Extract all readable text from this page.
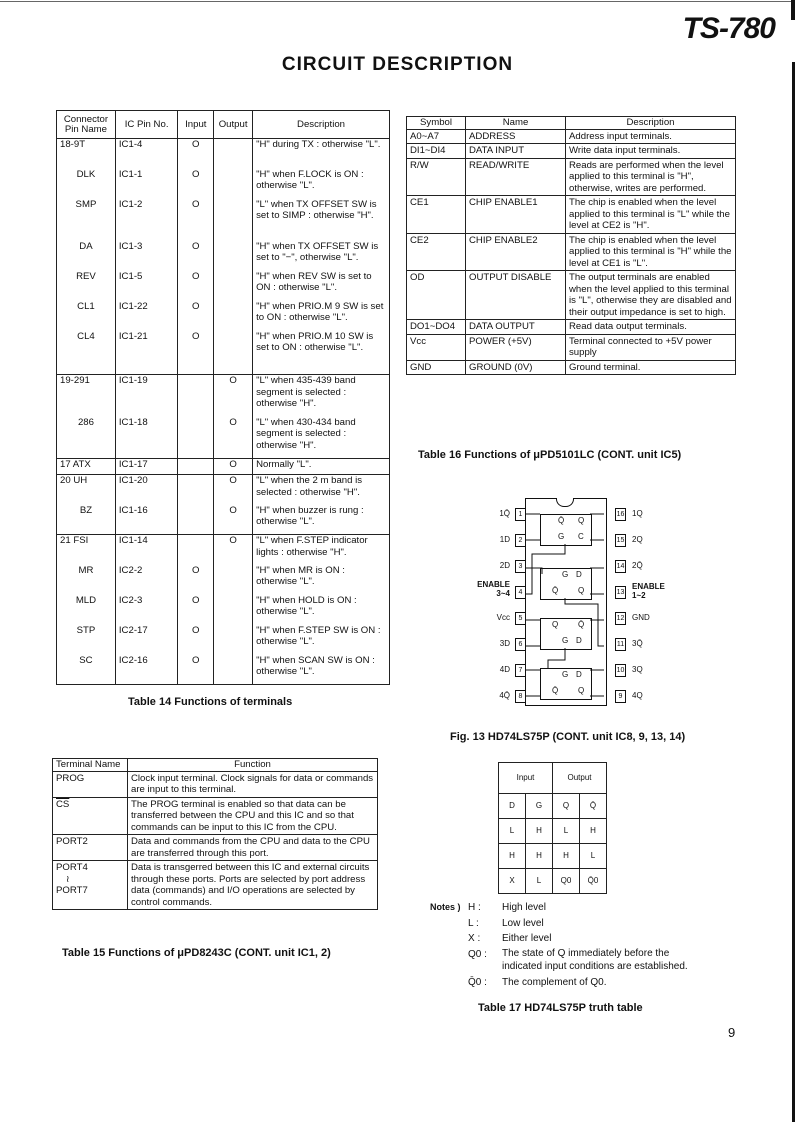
TS-780
CIRCUIT DESCRIPTION
Connector Pin Name	IC Pin No.	Input	Output	Description
18-9T	IC1-4	O		"H" during TX : otherwise "L".
DLK	IC1-1	O		"H" when F.LOCK is ON : otherwise "L".
SMP	IC1-2	O		"L" when TX OFFSET SW is set to SIMP : otherwise "H".
DA	IC1-3	O		"H" when TX OFFSET SW is set to "−", otherwise "L".
REV	IC1-5	O		"H" when REV SW is set to ON : otherwise "L".
CL1	IC1-22	O		"H" when PRIO.M 9 SW is set to ON : otherwise "L".
CL4	IC1-21	O		"H" when PRIO.M 10 SW is set to ON : otherwise "L".
19-291	IC1-19		O	"L" when 435-439 band segment is selected : otherwise "H".
286	IC1-18		O	"L" when 430-434 band segment is selected : otherwise "H".
17 ATX	IC1-17		O	Normally "L".
20 UH	IC1-20		O	"L" when the 2 m band is selected : otherwise "H".
BZ	IC1-16		O	"H" when buzzer is rung : otherwise "L".
21 FSI	IC1-14		O	"L" when F.STEP indicator lights : otherwise "H".
MR	IC2-2	O		"H" when MR is ON : otherwise "L".
MLD	IC2-3	O		"H" when HOLD is ON : otherwise "L".
STP	IC2-17	O		"H" when F.STEP SW is ON : otherwise "L".
SC	IC2-16	O		"H" when SCAN SW is ON : otherwise "L".
Table 14 Functions of terminals
Terminal Name	Function
PROG	Clock input terminal. Clock signals for data or commands are input to this terminal.
$\overline{CS}$	The PROG terminal is enabled so that data can be transferred between the CPU and this IC and so that commands can be input to this IC from the CPU.
PORT2	Data and commands from the CPU and data to the CPU are transferred through this port.

PORT4
≀
PORT7	Data is transgerred between this IC and external circuits through these ports. Ports are selected by port address data (commands) and I/O operations are selected by control commands.
Table 15 Functions of μPD8243C (CONT. unit IC1, 2)
Symbol	Name	Description
A0~A7	ADDRESS	Address input terminals.
DI1~DI4	DATA INPUT	Write data input terminals.
R/W	READ/WRITE	Reads are performed when the level applied to this terminal is "H", otherwise, writes are performed.
CE1	CHIP ENABLE1	The chip is enabled when the level applied to this terminal is "L" while the level at CE2 is "H".
CE2	CHIP ENABLE2	The chip is enabled when the level applied to this terminal is "H" while the level at CE1 is "L".
OD	OUTPUT DISABLE	The output terminals are enabled when the level applied to this terminal is "L", otherwise they are disabled and their output impedance is set to high.
DO1~DO4	DATA OUTPUT	Read data output terminals.
Vcc	POWER (+5V)	Terminal connected to +5V power supply
GND	GROUND (0V)	Ground terminal.
Table 16 Functions of μPD5101LC (CONT. unit IC5)
Q̄ Q
G C
G D
Q̄ Q
Q Q̄
G D
G D
Q̄ Q
1
2
3
4
5
6
7
8
1Q̄
1D
2D
ENABLE 3~4
Vcc
3D
4D
4Q̄
16
15
14
13
12
11
10
9
1Q
2Q
2Q̄
ENABLE 1~2
GND
3Q̄
3Q
4Q
Fig. 13 HD74LS75P (CONT. unit IC8, 9, 13, 14)
Input		Output	
D	G	Q	Q̄
L	H	L	H
H	H	H	L
X	L	Q0	Q̄0
Notes ) H :	High level
L :	Low level
X :	Either level
Q0 :	The state of Q immediately before the indicated input conditions are established.
Q̄0 :	The complement of Q0.
Table 17 HD74LS75P truth table
9
